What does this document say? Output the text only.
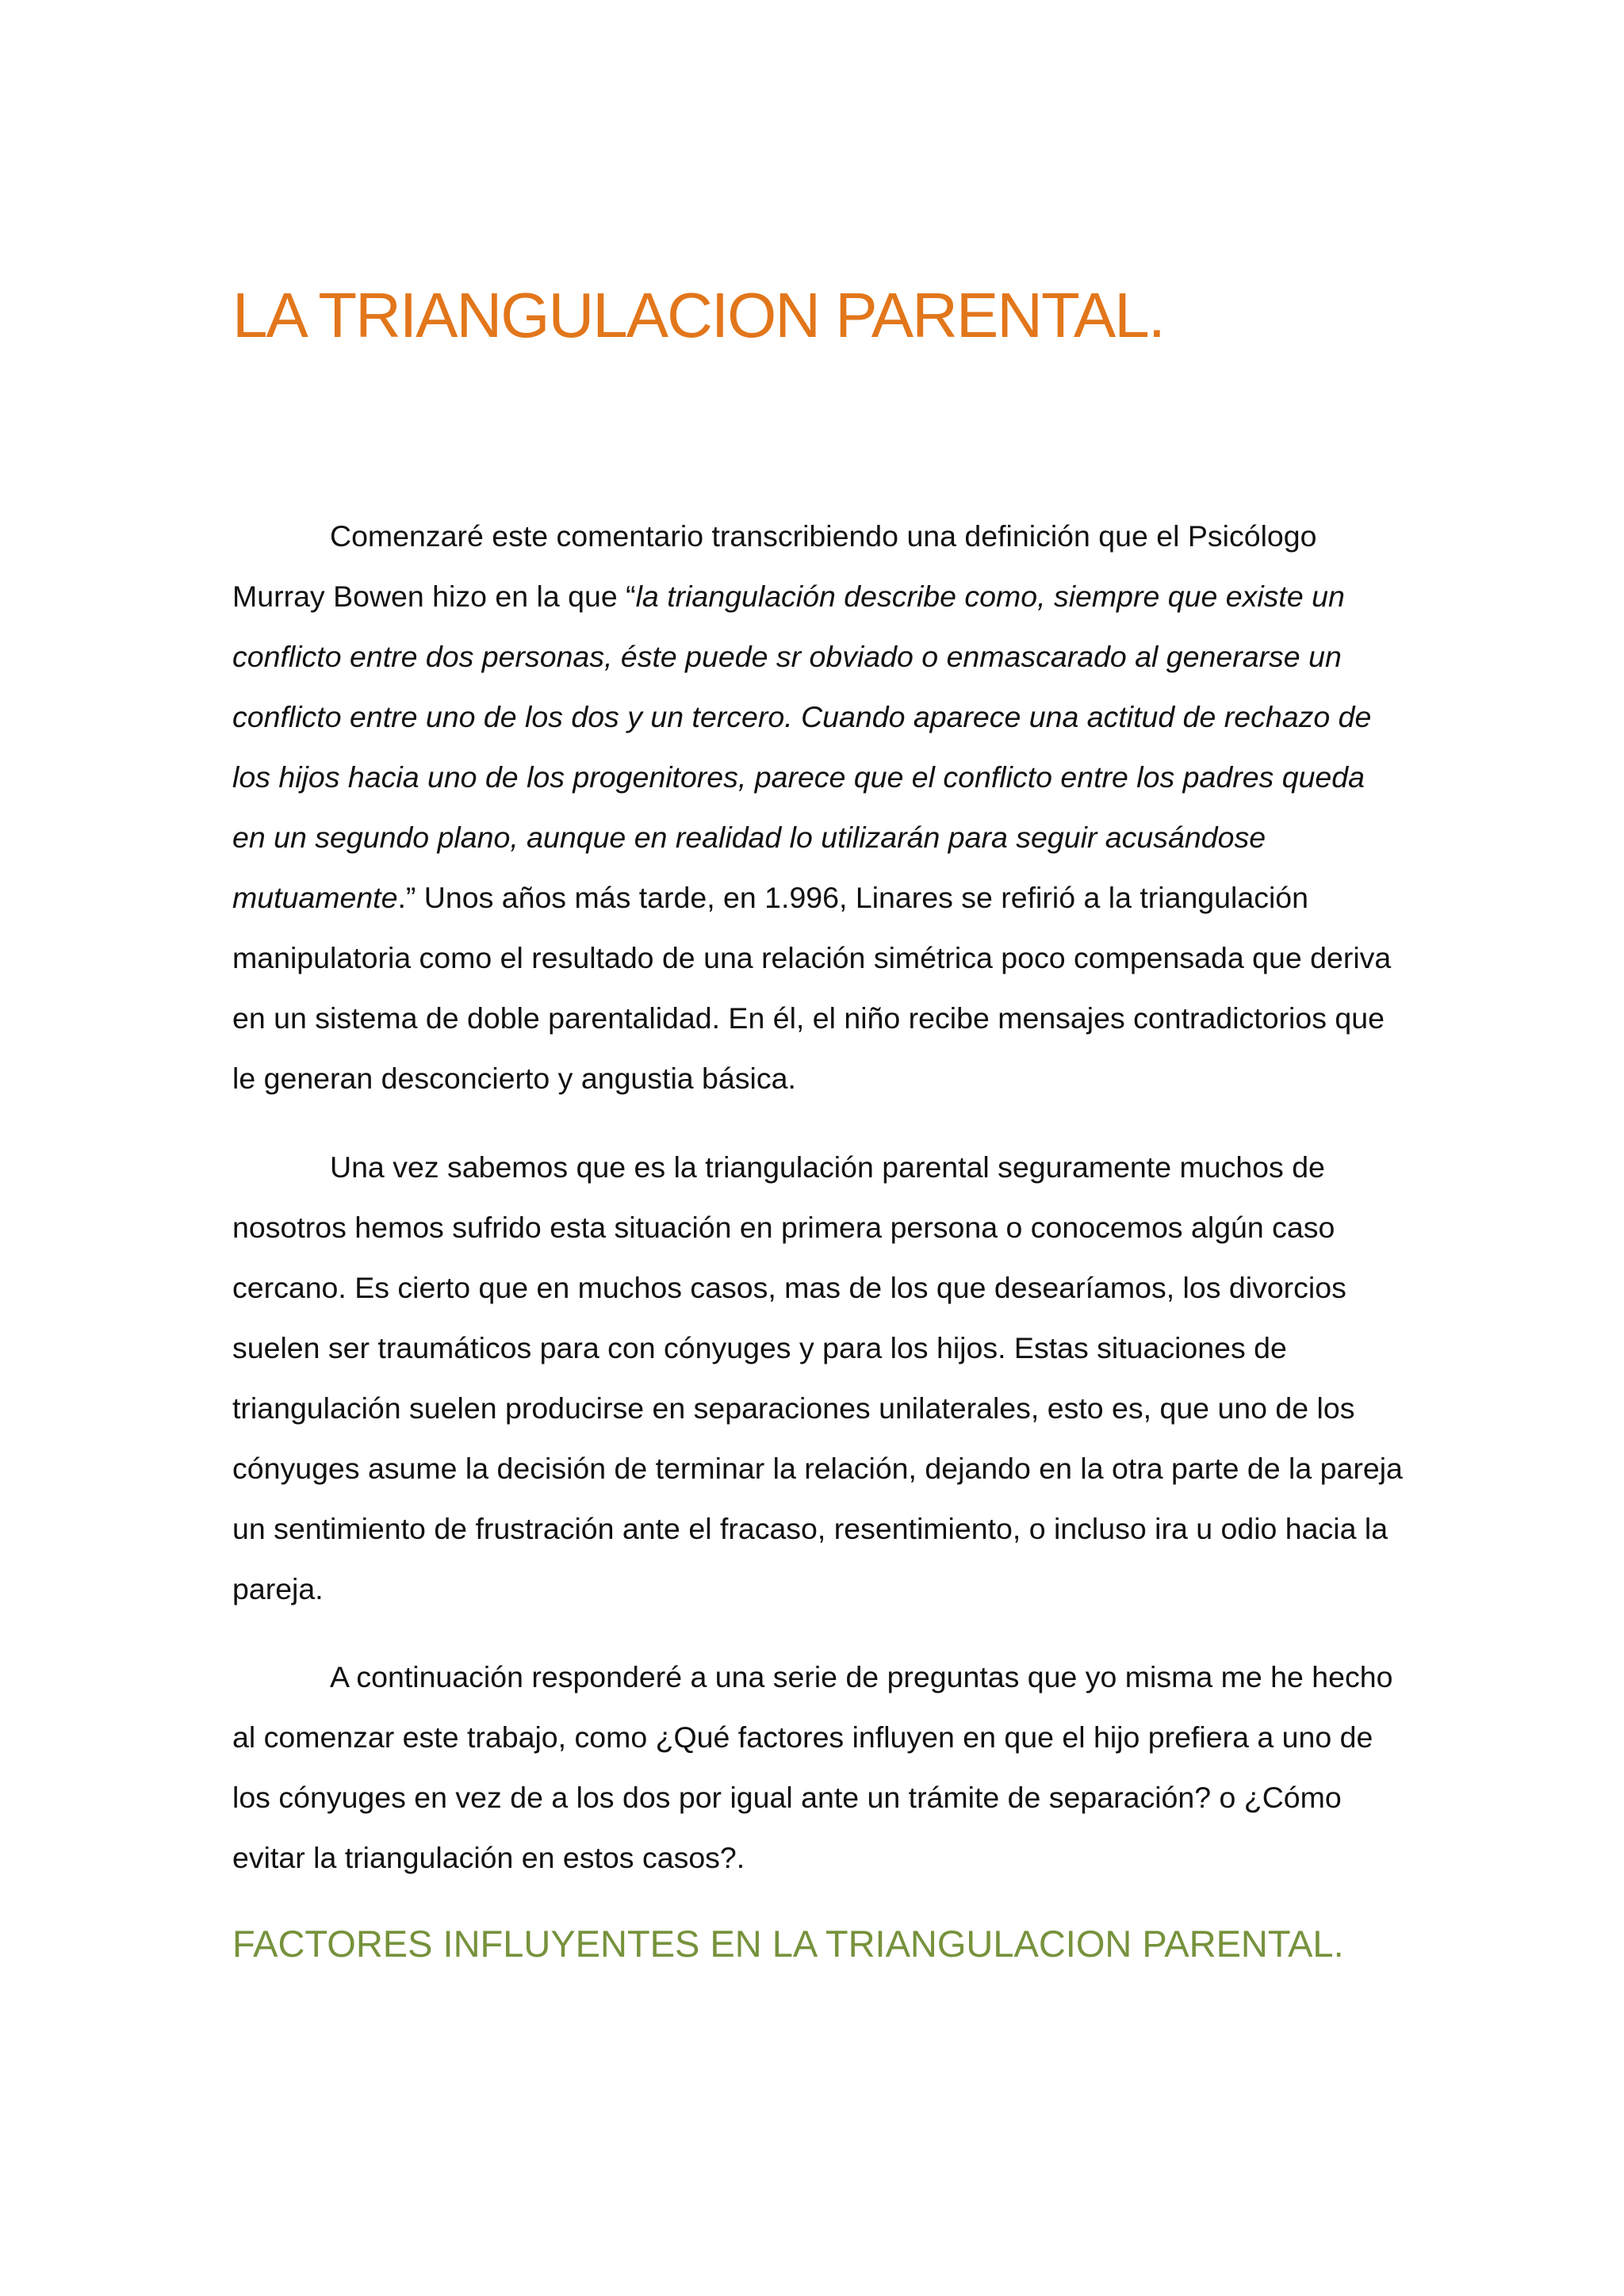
LA TRIANGULACION PARENTAL.

Comenzaré este comentario transcribiendo una definición que el Psicólogo Murray Bowen hizo en la que “la triangulación describe como, siempre que existe un conflicto entre dos personas, éste puede sr obviado o enmascarado al generarse un conflicto entre uno de los dos y un tercero. Cuando aparece una actitud de rechazo de los hijos hacia uno de los progenitores, parece que el conflicto entre los padres queda en un segundo plano, aunque en realidad lo utilizarán para seguir acusándose mutuamente.” Unos años más tarde, en 1.996, Linares se refirió a la triangulación manipulatoria como el resultado de una relación simétrica poco compensada que deriva en un sistema de doble parentalidad. En él, el niño recibe mensajes contradictorios que le generan desconcierto y angustia básica.

Una vez sabemos que es la triangulación parental seguramente muchos de nosotros hemos sufrido esta situación en primera persona o conocemos algún caso cercano. Es cierto que en muchos casos, mas de los que desearíamos, los divorcios suelen ser traumáticos para con cónyuges y para los hijos. Estas situaciones de triangulación suelen producirse en separaciones unilaterales, esto es, que uno de los cónyuges asume la decisión de terminar la relación, dejando en la otra parte de la pareja un sentimiento de frustración ante el fracaso, resentimiento, o incluso ira u odio hacia la pareja.

A continuación responderé a una serie de preguntas que yo misma me he hecho al comenzar este trabajo, como ¿Qué factores influyen en que el hijo prefiera a uno de los cónyuges en vez de a los dos por igual ante un trámite de separación? o ¿Cómo evitar la triangulación en estos casos?.

FACTORES INFLUYENTES EN LA TRIANGULACION PARENTAL.
